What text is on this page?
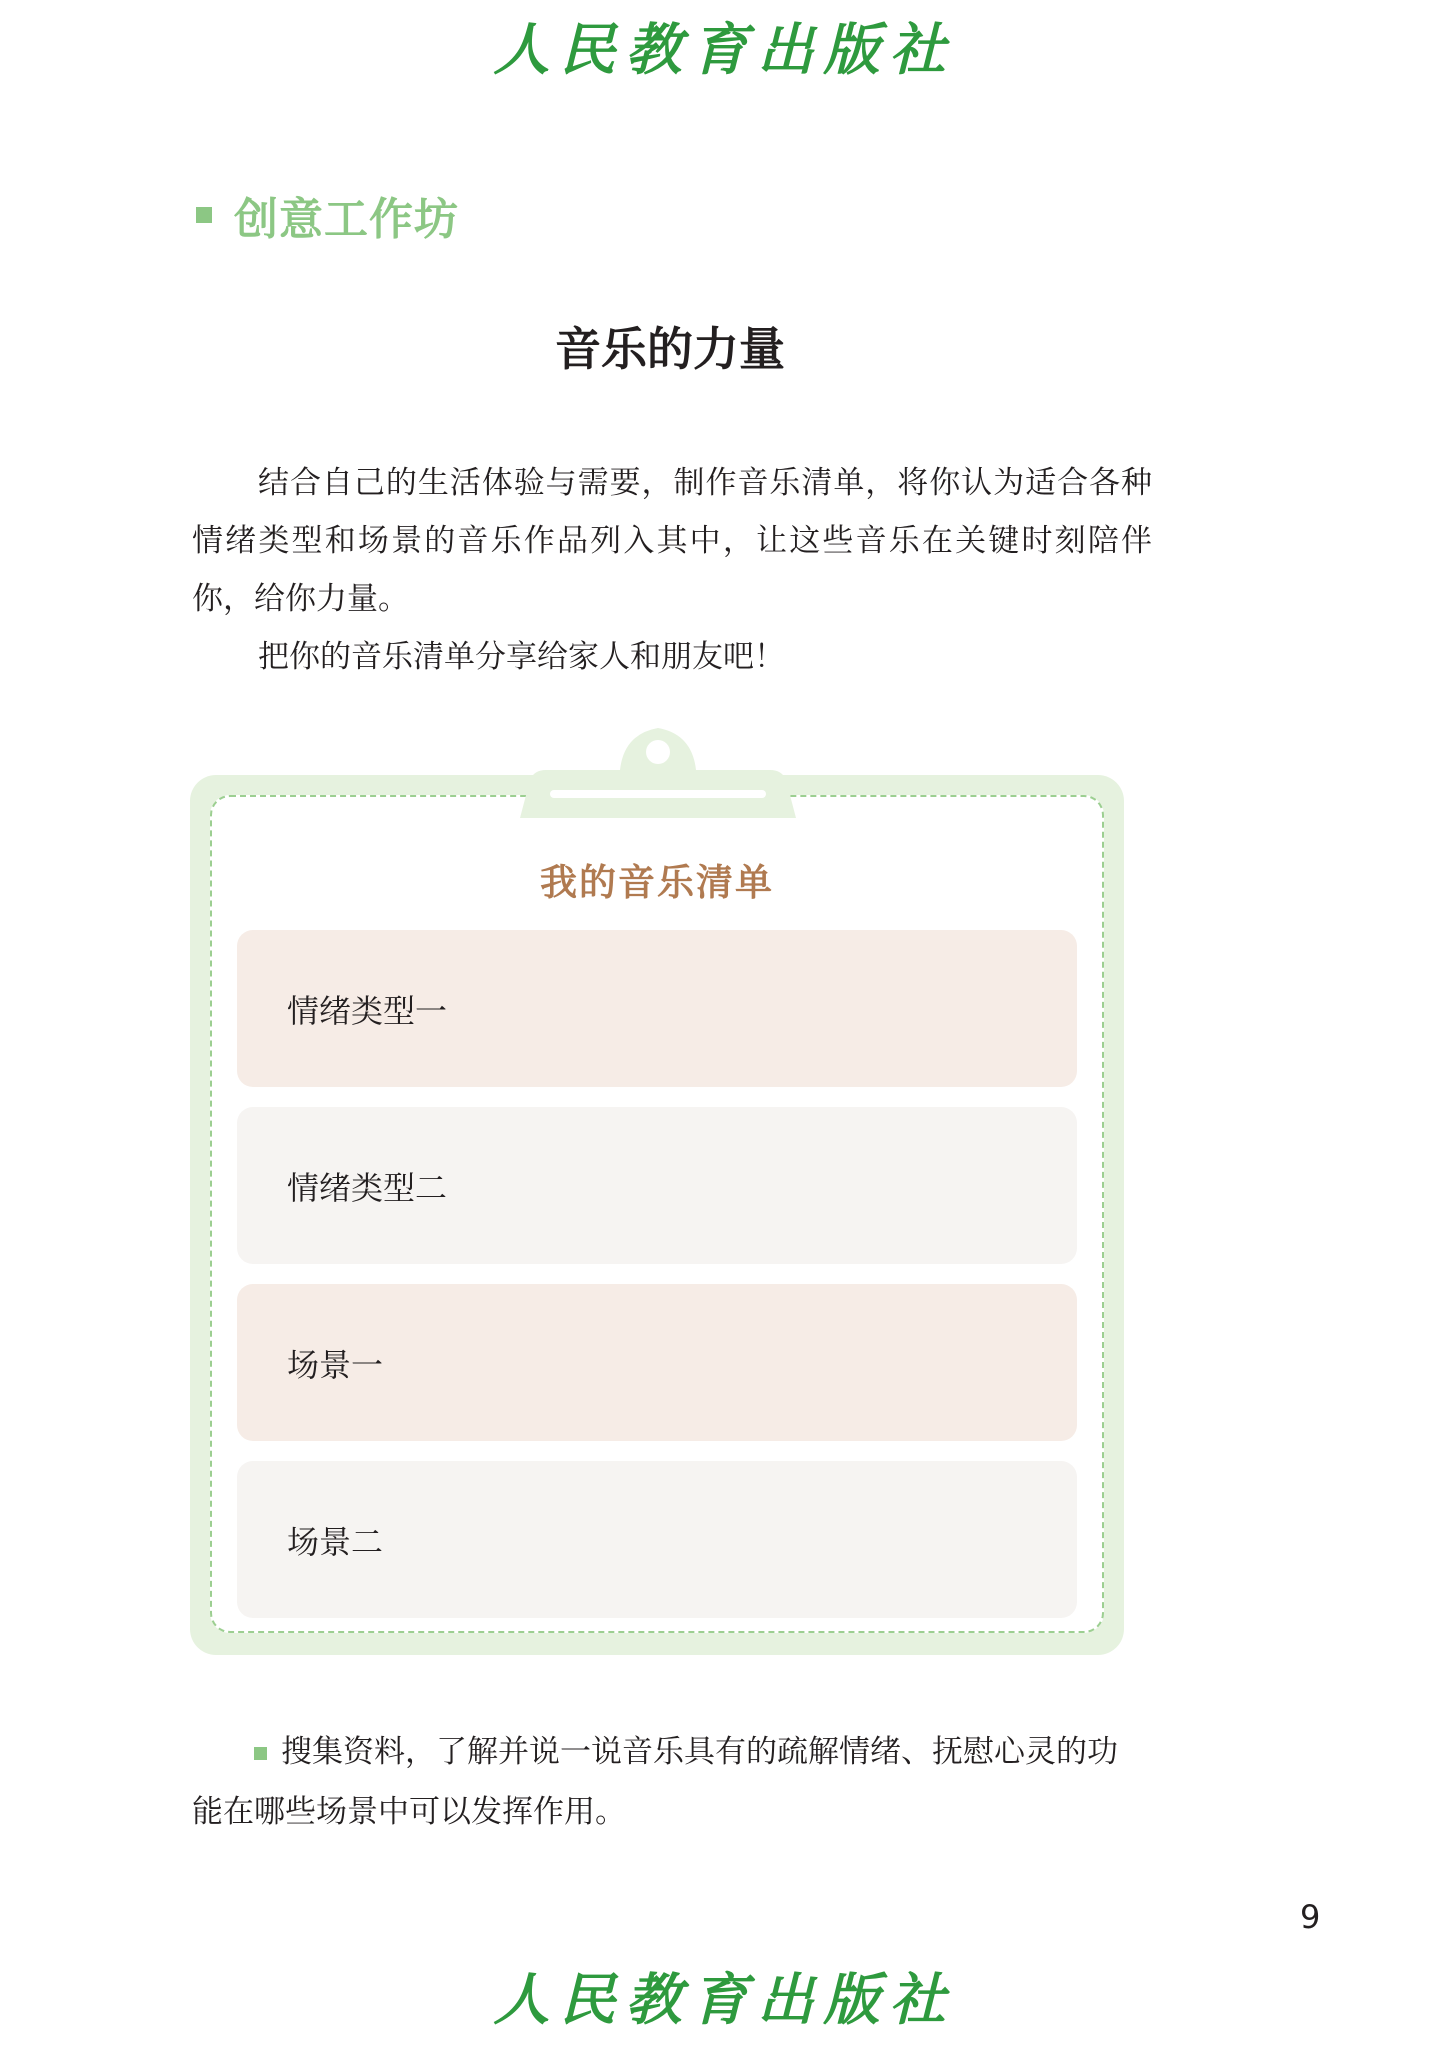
人民教育出版社
创意工作坊
音乐的力量
结合自己的生活体验与需要，制作音乐清单，将你认为适合各种情绪类型和场景的音乐作品列入其中，让这些音乐在关键时刻陪伴你，给你力量。
把你的音乐清单分享给家人和朋友吧！
我的音乐清单
情绪类型一
情绪类型二
场景一
场景二
搜集资料，了解并说一说音乐具有的疏解情绪、抚慰心灵的功能在哪些场景中可以发挥作用。
9
人民教育出版社
